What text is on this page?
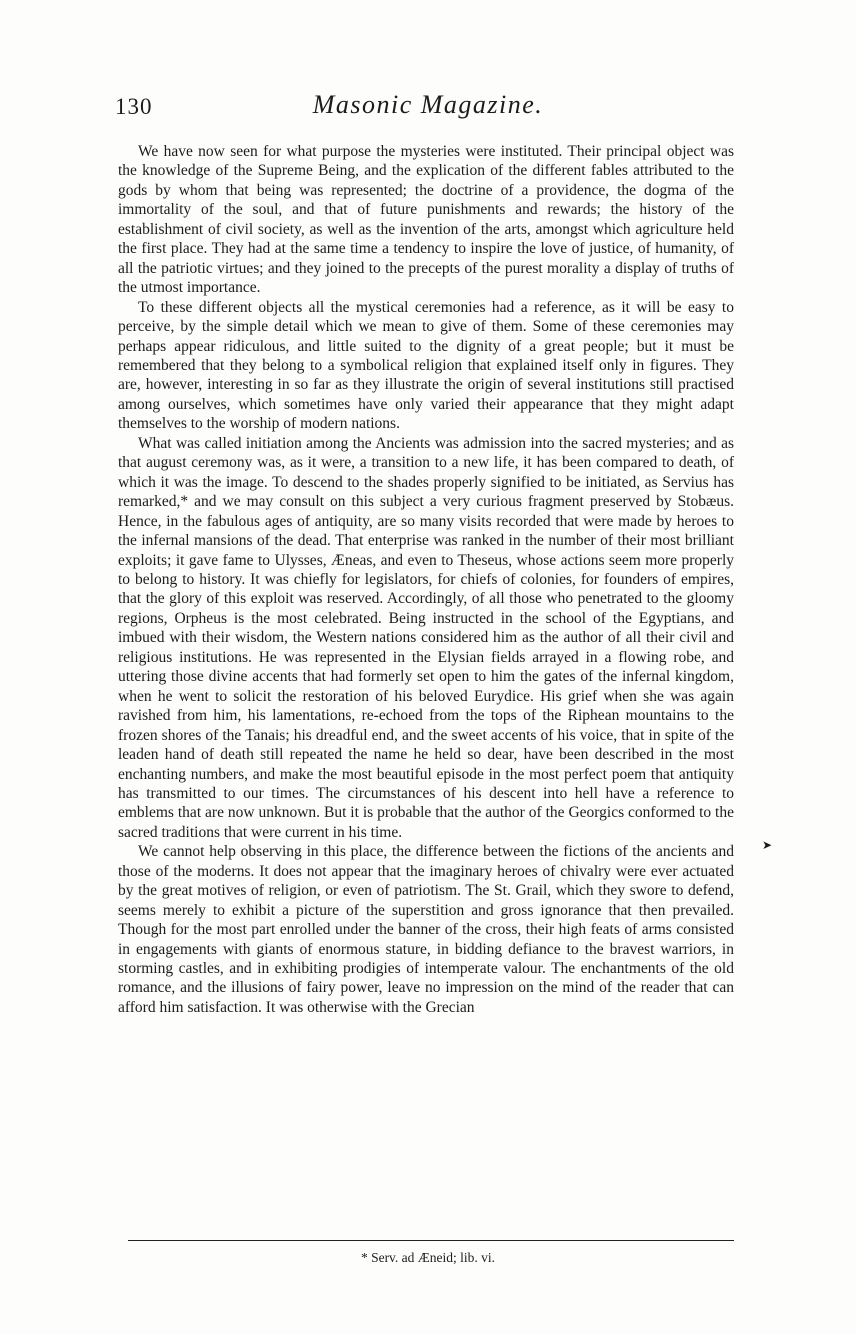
130	Masonic Magazine.

We have now seen for what purpose the mysteries were instituted. Their principal object was the knowledge of the Supreme Being, and the explication of the different fables attributed to the gods by whom that being was represented; the doctrine of a providence, the dogma of the immortality of the soul, and that of future punishments and rewards; the history of the establishment of civil society, as well as the invention of the arts, amongst which agriculture held the first place. They had at the same time a tendency to inspire the love of justice, of humanity, of all the patriotic virtues; and they joined to the precepts of the purest morality a display of truths of the utmost importance.

To these different objects all the mystical ceremonies had a reference, as it will be easy to perceive, by the simple detail which we mean to give of them. Some of these ceremonies may perhaps appear ridiculous, and little suited to the dignity of a great people; but it must be remembered that they belong to a symbolical religion that explained itself only in figures. They are, however, interesting in so far as they illustrate the origin of several institutions still practised among ourselves, which sometimes have only varied their appearance that they might adapt themselves to the worship of modern nations.

What was called initiation among the Ancients was admission into the sacred mysteries; and as that august ceremony was, as it were, a transition to a new life, it has been compared to death, of which it was the image. To descend to the shades properly signified to be initiated, as Servius has remarked,* and we may consult on this subject a very curious fragment preserved by Stobæus. Hence, in the fabulous ages of antiquity, are so many visits recorded that were made by heroes to the infernal mansions of the dead. That enterprise was ranked in the number of their most brilliant exploits; it gave fame to Ulysses, Æneas, and even to Theseus, whose actions seem more properly to belong to history. It was chiefly for legislators, for chiefs of colonies, for founders of empires, that the glory of this exploit was reserved. Accordingly, of all those who penetrated to the gloomy regions, Orpheus is the most celebrated. Being instructed in the school of the Egyptians, and imbued with their wisdom, the Western nations considered him as the author of all their civil and religious institutions. He was represented in the Elysian fields arrayed in a flowing robe, and uttering those divine accents that had formerly set open to him the gates of the infernal kingdom, when he went to solicit the restoration of his beloved Eurydice. His grief when she was again ravished from him, his lamentations, re-echoed from the tops of the Riphean mountains to the frozen shores of the Tanais; his dreadful end, and the sweet accents of his voice, that in spite of the leaden hand of death still repeated the name he held so dear, have been described in the most enchanting numbers, and make the most beautiful episode in the most perfect poem that antiquity has transmitted to our times. The circumstances of his descent into hell have a reference to emblems that are now unknown. But it is probable that the author of the Georgics conformed to the sacred traditions that were current in his time.

We cannot help observing in this place, the difference between the fictions of the ancients and those of the moderns. It does not appear that the imaginary heroes of chivalry were ever actuated by the great motives of religion, or even of patriotism. The St. Grail, which they swore to defend, seems merely to exhibit a picture of the superstition and gross ignorance that then prevailed. Though for the most part enrolled under the banner of the cross, their high feats of arms consisted in engagements with giants of enormous stature, in bidding defiance to the bravest warriors, in storming castles, and in exhibiting prodigies of intemperate valour. The enchantments of the old romance, and the illusions of fairy power, leave no impression on the mind of the reader that can afford him satisfaction. It was otherwise with the Grecian

➤
* Serv. ad Æneid; lib. vi.
